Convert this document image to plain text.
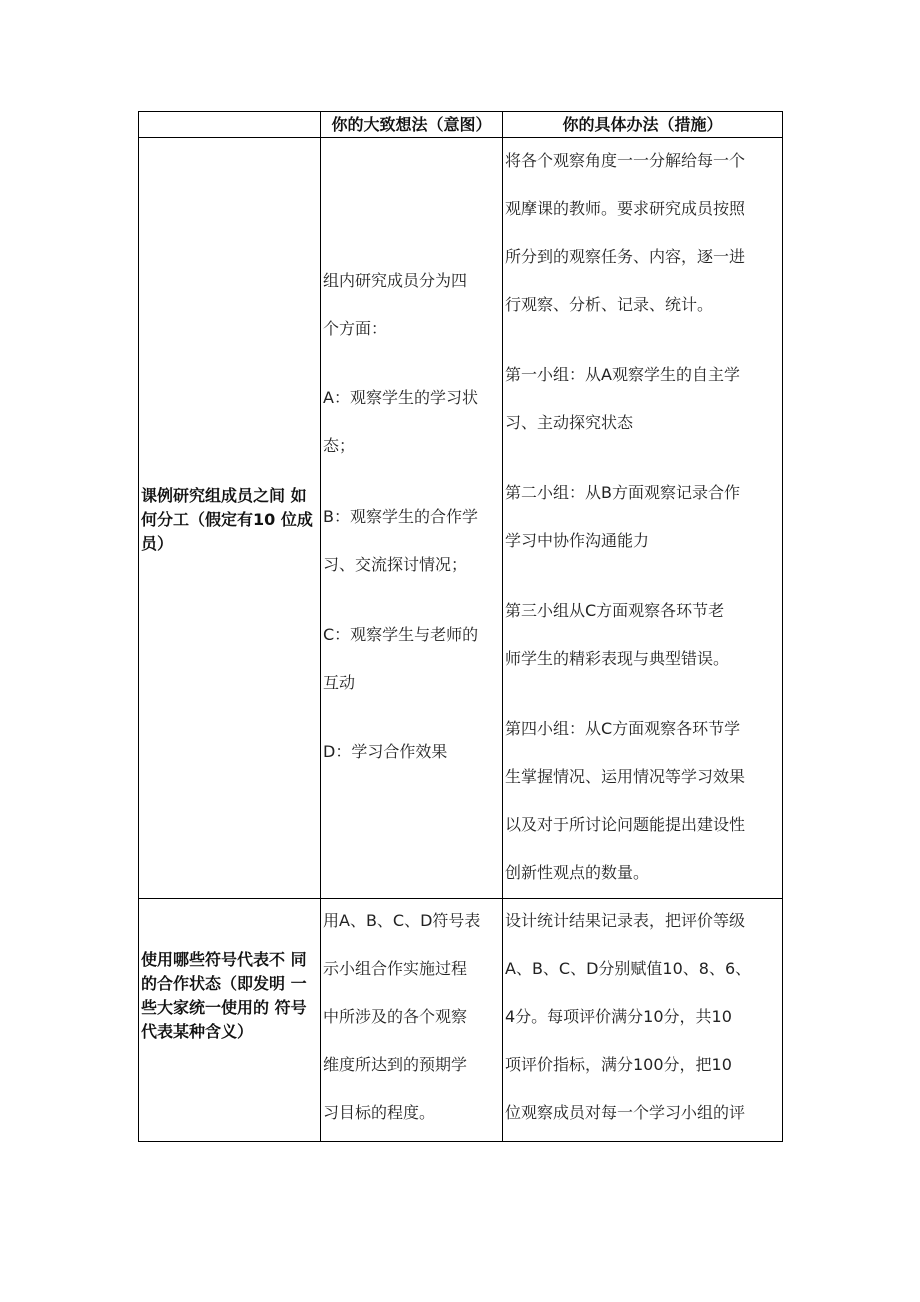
你的大致想法（意图）	你的具体办法（措施）
课例研究组成员之间 如何分工（假定有10 位成员）
组内研究成员分为四
个方面：
A：观察学生的学习状
态；
B：观察学生的合作学
习、交流探讨情况；
C：观察学生与老师的
互动
D：学习合作效果
将各个观察角度一一分解给每一个
观摩课的教师。要求研究成员按照
所分到的观察任务、内容，逐一进
行观察、分析、记录、统计。
第一小组：从A观察学生的自主学
习、主动探究状态
第二小组：从B方面观察记录合作
学习中协作沟通能力
第三小组从C方面观察各环节老
师学生的精彩表现与典型错误。
第四小组：从C方面观察各环节学
生掌握情况、运用情况等学习效果
以及对于所讨论问题能提出建设性
创新性观点的数量。
使用哪些符号代表不 同的合作状态（即发明 一些大家统一使用的 符号代表某种含义）
用A、B、C、D符号表
示小组合作实施过程
中所涉及的各个观察
维度所达到的预期学
习目标的程度。
设计统计结果记录表，把评价等级
A、B、C、D分别赋值10、8、6、
4分。每项评价满分10分，共10
项评价指标，满分100分，把10
位观察成员对每一个学习小组的评
